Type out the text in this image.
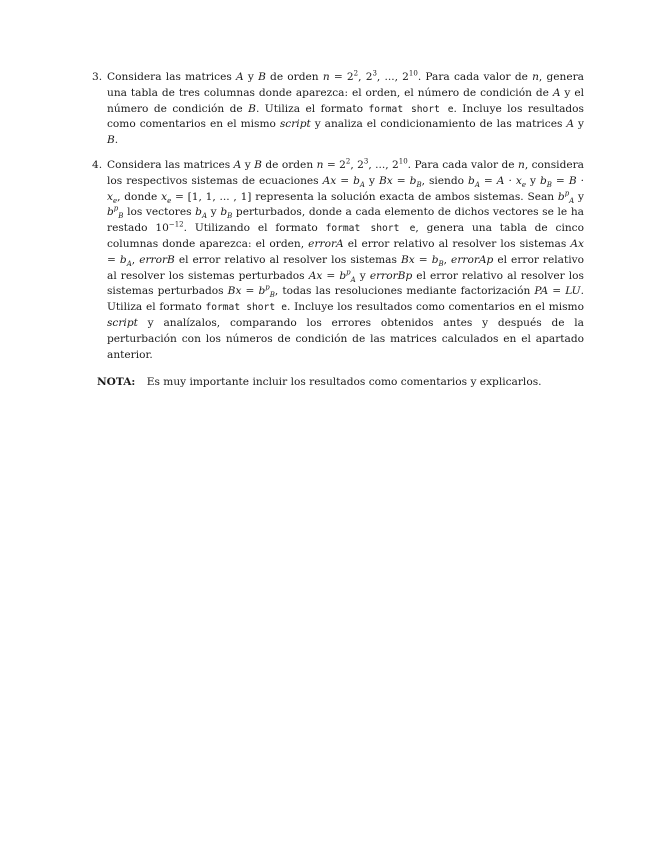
3. Considera las matrices A y B de orden $n = 2^2$, $2^3$, ..., $2^{10}$. Para cada valor de n, genera una tabla de tres columnas donde aparezca: el orden, el número de condición de A y el número de condición de B. Utiliza el formato format short e. Incluye los resultados como comentarios en el mismo script y analiza el condicionamiento de las matrices A y B.
4. Considera las matrices A y B de orden $n = 2^2$, $2^3$, ..., $2^{10}$. Para cada valor de n, considera los respectivos sistemas de ecuaciones $Ax = b_A$ y $Bx = b_B$, siendo $b_A = A \cdot x_e$ y $b_B = B \cdot x_e$, donde $x_e = [1$, 1, ... , 1] representa la solución exacta de ambos sistemas. Sean $b^p_A$ y $b^p_B$ los vectores $b_A$ y $b_B$ perturbados, donde a cada elemento de dichos vectores se le ha restado $10^{-12}$. Utilizando el formato format short e, genera una tabla de cinco columnas donde aparezca: el orden, errorA el error relativo al resolver los sistemas $Ax = b_A$, errorB el error relativo al resolver los sistemas $Bx = b_B$, errorAp el error relativo al resolver los sistemas perturbados $Ax = b^p_A$ y errorBp el error relativo al resolver los sistemas perturbados $Bx = b^p_B$, todas las resoluciones mediante factorización PA = LU. Utiliza el formato format short e. Incluye los resultados como comentarios en el mismo script y analízalos, comparando los errores obtenidos antes y después de la perturbación con los números de condición de las matrices calculados en el apartado anterior.
NOTA: Es muy importante incluir los resultados como comentarios y explicarlos.
